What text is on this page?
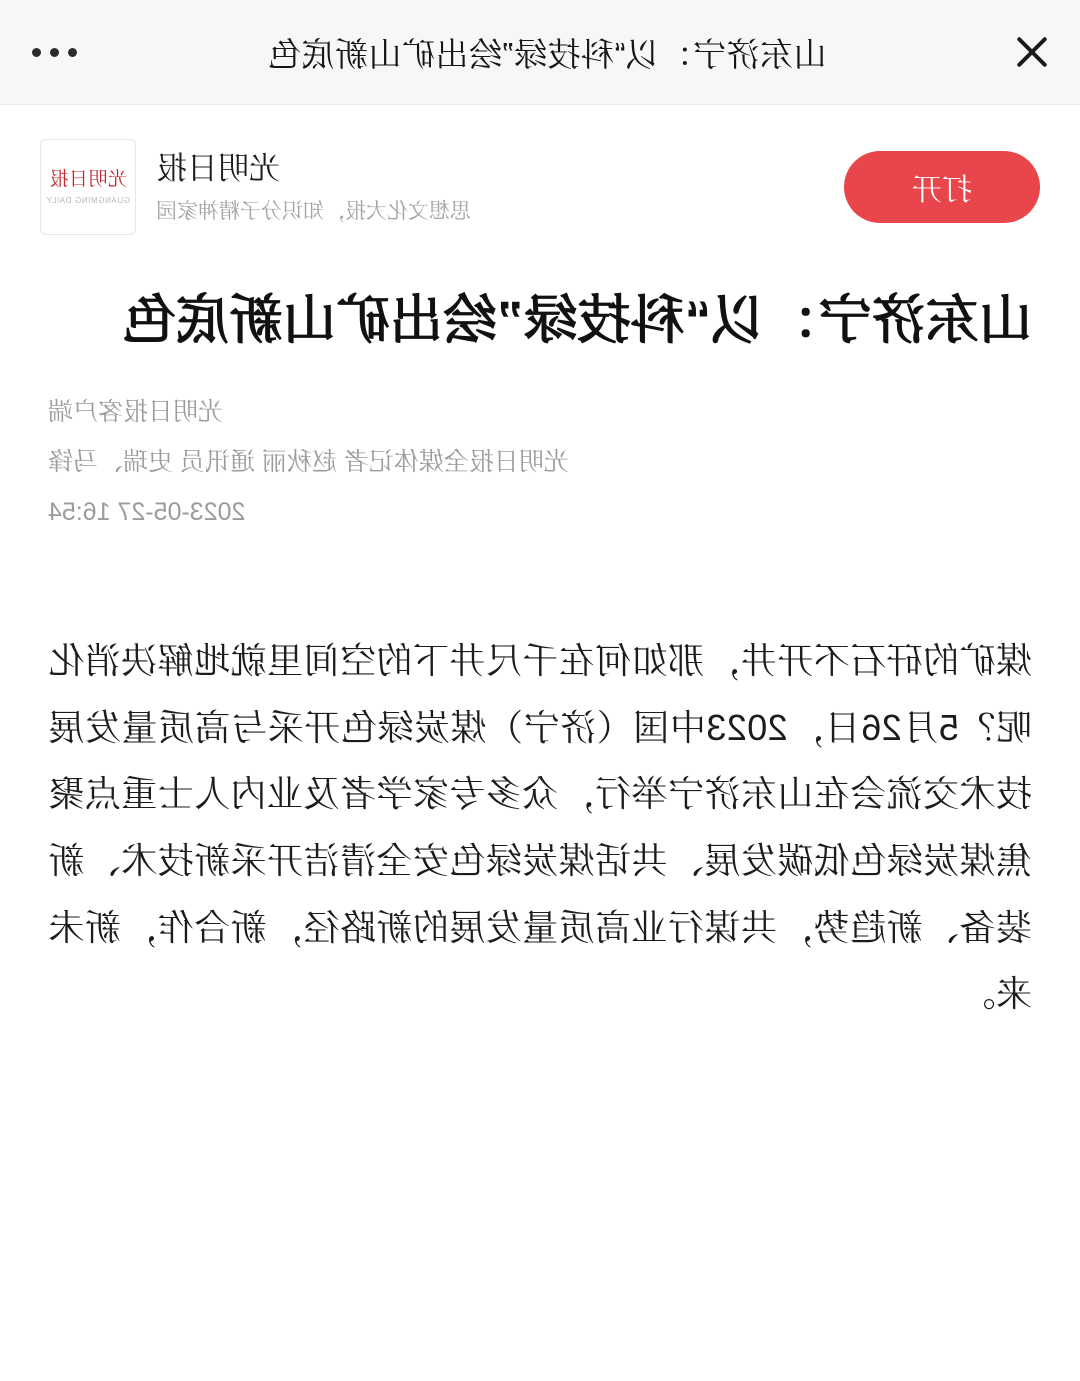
山东济宁：以“科技绿”绘出矿山新底色
打开
光明日报
思想文化大报，知识分子精神家园
光明日报
GUANGMING DAILY
山东济宁：以“科技绿”绘出矿山新底色
光明日报客户端
光明日报全媒体记者 赵秋丽 通讯员 史瑞、马锋
2023-05-27 16:54

煤矿的矸石不开井，那如何在千尺井下的空间里就地解决消化呢？5月26日，2023中国（济宁）煤炭绿色开采与高质量发展技术交流会在山东济宁举行，众多专家学者及业内人士重点聚焦煤炭绿色低碳发展、共话煤炭绿色安全清洁开采新技术、新装备、新趋势，共谋行业高质量发展的新路径，新合作，新未来。
